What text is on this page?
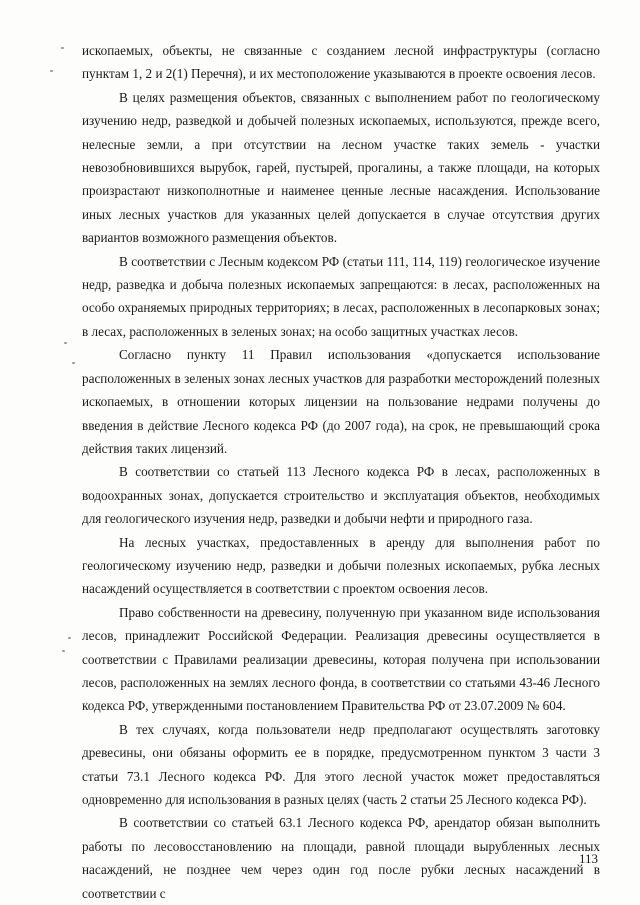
ископаемых, объекты, не связанные с созданием лесной инфраструктуры (согласно пунктам 1, 2 и 2(1) Перечня), и их местоположение указываются в проекте освоения лесов.

В целях размещения объектов, связанных с выполнением работ по геологическому изучению недр, разведкой и добычей полезных ископаемых, используются, прежде всего, нелесные земли, а при отсутствии на лесном участке таких земель - участки невозобновившихся вырубок, гарей, пустырей, прогалины, а также площади, на которых произрастают низкополнотные и наименее ценные лесные насаждения. Использование иных лесных участков для указанных целей допускается в случае отсутствия других вариантов возможного размещения объектов.

В соответствии с Лесным кодексом РФ (статьи 111, 114, 119) геологическое изучение недр, разведка и добыча полезных ископаемых запрещаются: в лесах, расположенных на особо охраняемых природных территориях; в лесах, расположенных в лесопарковых зонах; в лесах, расположенных в зеленых зонах; на особо защитных участках лесов.

Согласно пункту 11 Правил использования «допускается использование расположенных в зеленых зонах лесных участков для разработки месторождений полезных ископаемых, в отношении которых лицензии на пользование недрами получены до введения в действие Лесного кодекса РФ (до 2007 года), на срок, не превышающий срока действия таких лицензий.

В соответствии со статьей 113 Лесного кодекса РФ в лесах, расположенных в водоохранных зонах, допускается строительство и эксплуатация объектов, необходимых для геологического изучения недр, разведки и добычи нефти и природного газа.

На лесных участках, предоставленных в аренду для выполнения работ по геологическому изучению недр, разведки и добычи полезных ископаемых, рубка лесных насаждений осуществляется в соответствии с проектом освоения лесов.

Право собственности на древесину, полученную при указанном виде использования лесов, принадлежит Российской Федерации. Реализация древесины осуществляется в соответствии с Правилами реализации древесины, которая получена при использовании лесов, расположенных на землях лесного фонда, в соответствии со статьями 43-46 Лесного кодекса РФ, утвержденными постановлением Правительства РФ от 23.07.2009 № 604.

В тех случаях, когда пользователи недр предполагают осуществлять заготовку древесины, они обязаны оформить ее в порядке, предусмотренном пунктом 3 части 3 статьи 73.1 Лесного кодекса РФ. Для этого лесной участок может предоставляться одновременно для использования в разных целях (часть 2 статьи 25 Лесного кодекса РФ).

В соответствии со статьей 63.1 Лесного кодекса РФ, арендатор обязан выполнить работы по лесовосстановлению на площади, равной площади вырубленных лесных насаждений, не позднее чем через один год после рубки лесных насаждений в соответствии с

113
